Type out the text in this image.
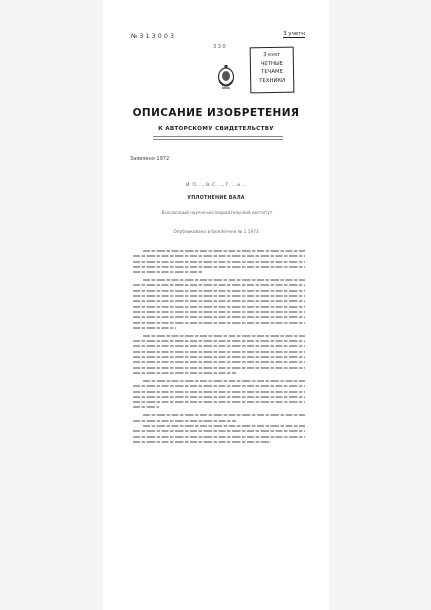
№ 3 1 3 0 0 3
3 3 0
3 учетн
3 кнзг
ЧЕТНЫЕ
ТЕЧАМЕ
ТЕХНИКИ
ОПИСАНИЕ ИЗОБРЕТЕНИЯ
К АВТОРСКОМУ СВИДЕТЕЛЬСТВУ
Заявлено 1972
И. П. ..., В. С. ..., Г. ... и ...
УПЛОТНЕНИЕ ВАЛА
Всесоюзный научно-исследовательский институт
Опубликовано в бюллетене № 1 1973
